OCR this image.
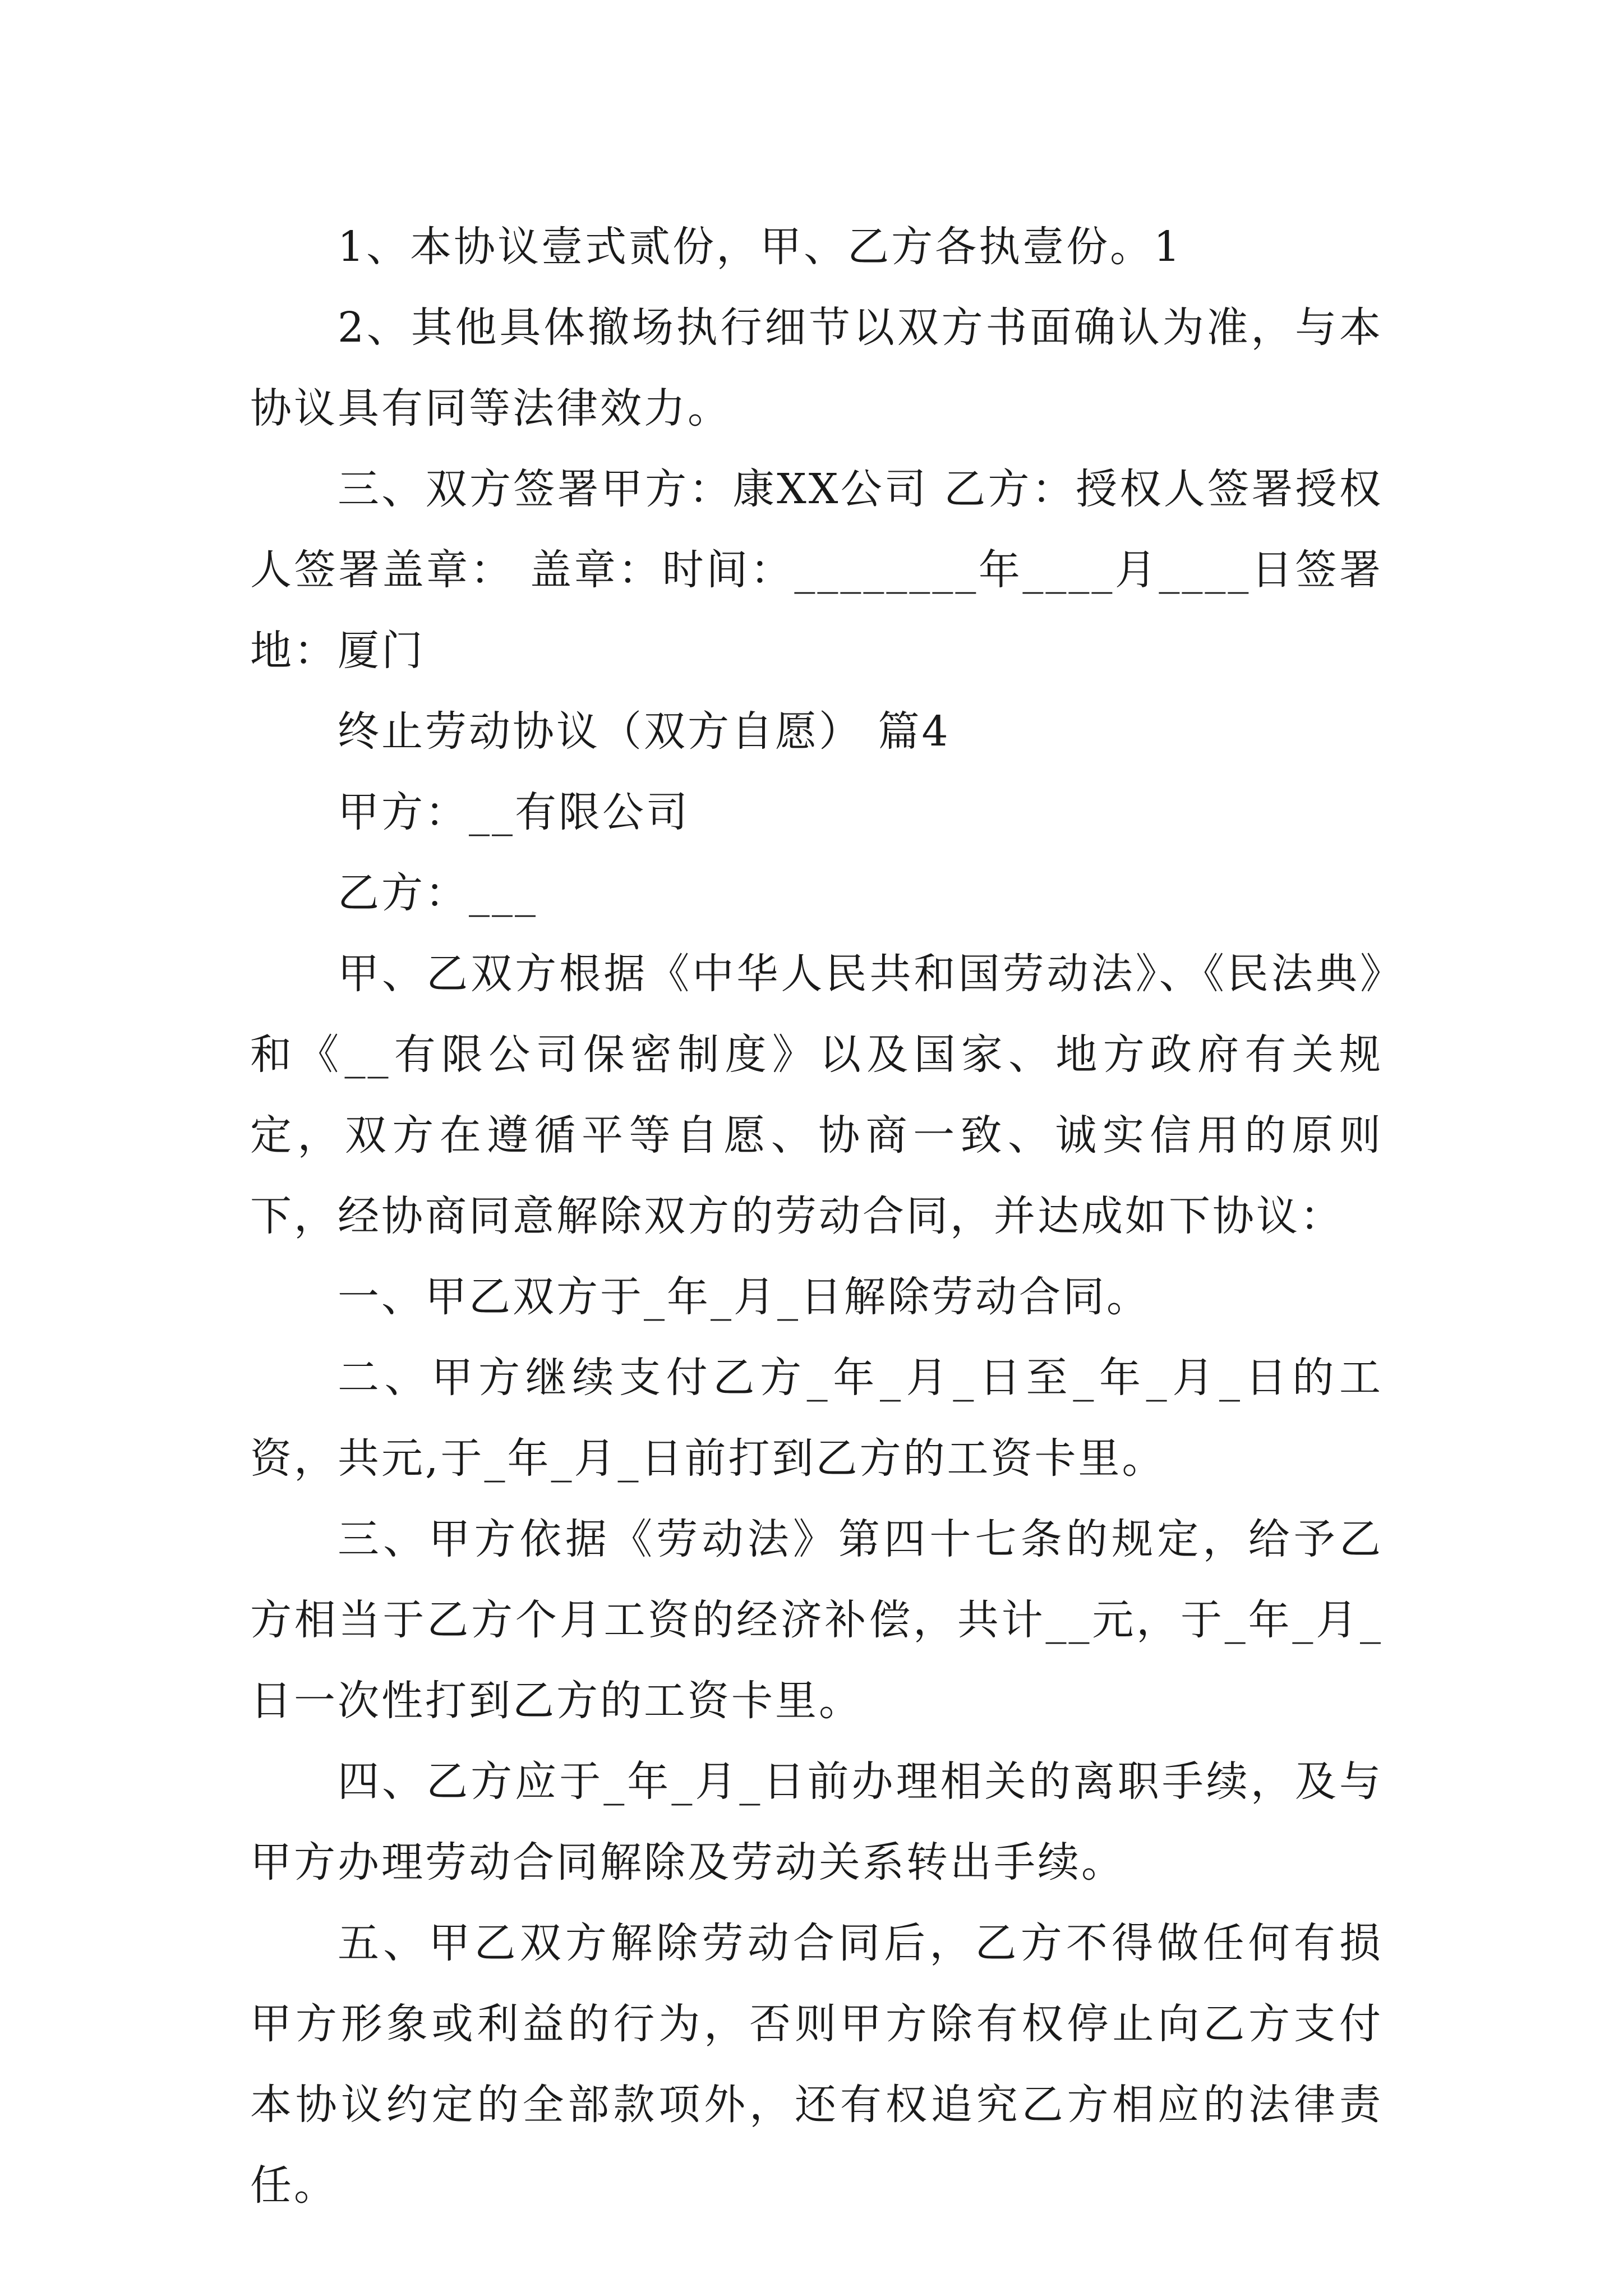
1、本协议壹式贰份，甲、乙方各执壹份。1

2、其他具体撤场执行细节以双方书面确认为准，与本协议具有同等法律效力。

三、双方签署甲方：康XX公司 乙方：授权人签署授权人签署盖章： 盖章：时间：________年____月____日签署地：厦门

终止劳动协议（双方自愿） 篇4

甲方：__有限公司

乙方：___

甲、乙双方根据《中华人民共和国劳动法》、《民法典》和《__有限公司保密制度》以及国家、地方政府有关规定，双方在遵循平等自愿、协商一致、诚实信用的原则下，经协商同意解除双方的劳动合同，并达成如下协议：

一、甲乙双方于_年_月_日解除劳动合同。

二、甲方继续支付乙方_年_月_日至_年_月_日的工资，共元,于_年_月_日前打到乙方的工资卡里。

三、甲方依据《劳动法》第四十七条的规定，给予乙方相当于乙方个月工资的经济补偿，共计__元，于_年_月_日一次性打到乙方的工资卡里。

四、乙方应于_年_月_日前办理相关的离职手续，及与甲方办理劳动合同解除及劳动关系转出手续。

五、甲乙双方解除劳动合同后，乙方不得做任何有损甲方形象或利益的行为，否则甲方除有权停止向乙方支付本协议约定的全部款项外，还有权追究乙方相应的法律责任。
